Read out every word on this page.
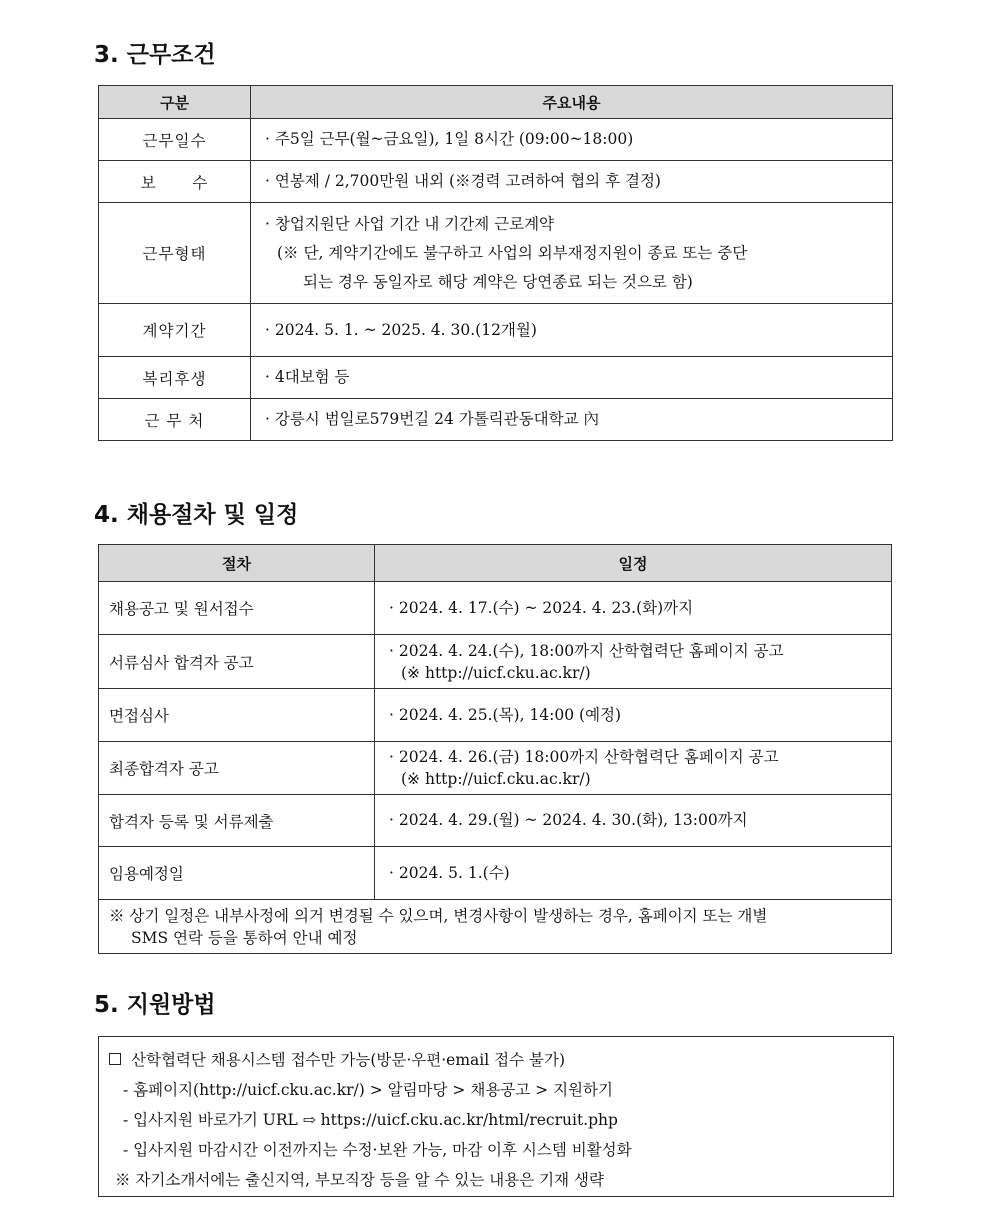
3. 근무조건
구분	주요내용
근무일수	· 주5일 근무(월~금요일), 1일 8시간 (09:00~18:00)
보      수	· 연봉제 / 2,700만원 내외 (※경력 고려하여 협의 후 결정)
근무형태	· 창업지원단 사업 기간 내 기간제 근로계약
(※ 단, 계약기간에도 불구하고 사업의 외부재정지원이 종료 또는 중단
되는 경우 동일자로 해당 계약은 당연종료 되는 것으로 함)

계약기간	· 2024. 5. 1. ~ 2025. 4. 30.(12개월)
복리후생	· 4대보험 등
근 무 처	· 강릉시 범일로579번길 24 가톨릭관동대학교 內
4. 채용절차 및 일정
절차	일정
채용공고 및 원서접수	· 2024. 4. 17.(수) ~ 2024. 4. 23.(화)까지
서류심사 합격자 공고	· 2024. 4. 24.(수), 18:00까지 산학협력단 홈페이지 공고
(※ http://uicf.cku.ac.kr/)

면접심사	· 2024. 4. 25.(목), 14:00 (예정)
최종합격자 공고	· 2024. 4. 26.(금) 18:00까지 산학협력단 홈페이지 공고
(※ http://uicf.cku.ac.kr/)

합격자 등록 및 서류제출	· 2024. 4. 29.(월) ~ 2024. 4. 30.(화), 13:00까지
임용예정일	· 2024. 5. 1.(수)

※ 상기 일정은 내부사정에 의거 변경될 수 있으며, 변경사항이 발생하는 경우, 홈페이지 또는 개별
SMS 연락 등을 통하여 안내 예정	
5. 지원방법
산학협력단 채용시스템 접수만 가능(방문·우편·email 접수 불가)
- 홈페이지(http://uicf.cku.ac.kr/) > 알림마당 > 채용공고 > 지원하기
- 입사지원 바로가기 URL ⇨ https://uicf.cku.ac.kr/html/recruit.php
- 입사지원 마감시간 이전까지는 수정·보완 가능, 마감 이후 시스템 비활성화
※ 자기소개서에는 출신지역, 부모직장 등을 알 수 있는 내용은 기재 생략
